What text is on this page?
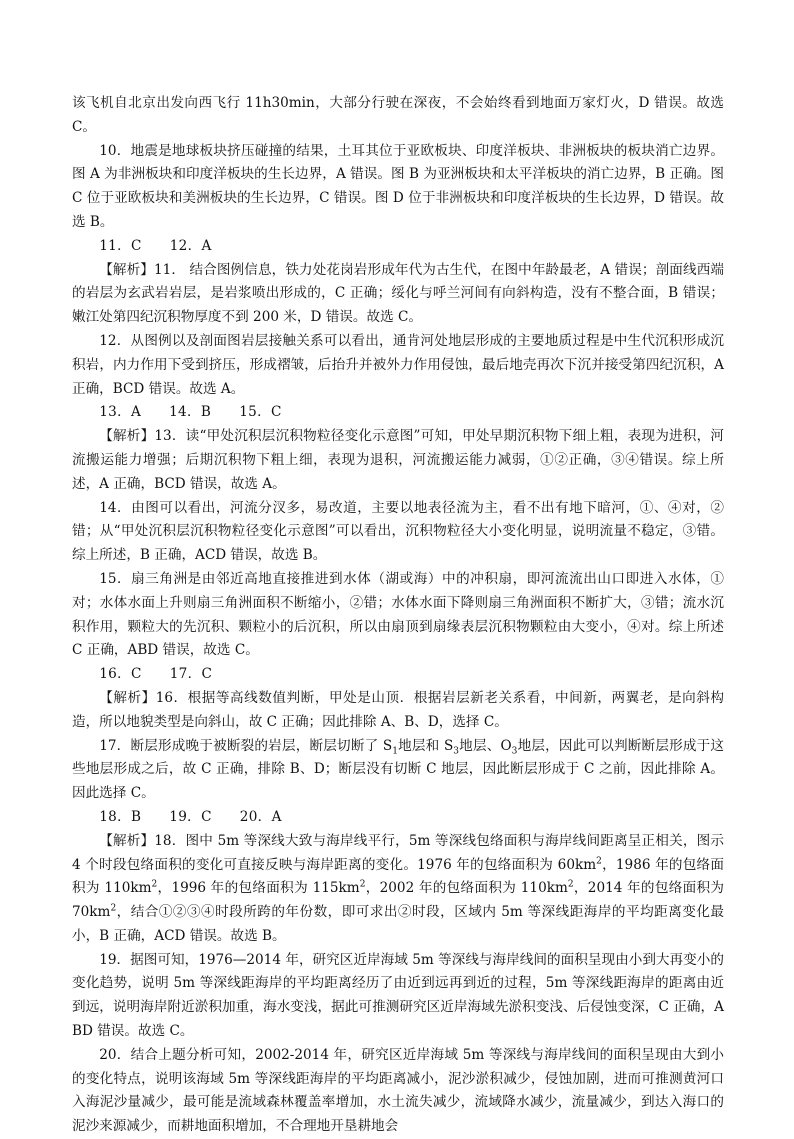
该飞机自北京出发向西飞行 11h30min，大部分行驶在深夜，不会始终看到地面万家灯火，D 错误。故选 C。

10．地震是地球板块挤压碰撞的结果，土耳其位于亚欧板块、印度洋板块、非洲板块的板块消亡边界。图 A 为非洲板块和印度洋板块的生长边界，A 错误。图 B 为亚洲板块和太平洋板块的消亡边界，B 正确。图 C 位于亚欧板块和美洲板块的生长边界，C 错误。图 D 位于非洲板块和印度洋板块的生长边界，D 错误。故选 B。

11．C 12．A

【解析】11． 结合图例信息，铁力处花岗岩形成年代为古生代，在图中年龄最老，A 错误；剖面线西端的岩层为玄武岩岩层，是岩浆喷出形成的，C 正确；绥化与呼兰河间有向斜构造，没有不整合面，B 错误；嫩江处第四纪沉积物厚度不到 200 米，D 错误。故选 C。

12．从图例以及剖面图岩层接触关系可以看出，通肯河处地层形成的主要地质过程是中生代沉积形成沉积岩，内力作用下受到挤压，形成褶皱，后抬升并被外力作用侵蚀，最后地壳再次下沉并接受第四纪沉积，A 正确，BCD 错误。故选 A。

13．A 14．B 15．C

【解析】13．读“甲处沉积层沉积物粒径变化示意图”可知，甲处早期沉积物下细上粗，表现为进积，河流搬运能力增强；后期沉积物下粗上细，表现为退积，河流搬运能力减弱，①②正确，③④错误。综上所述，A 正确，BCD 错误，故选 A。

14．由图可以看出，河流分汊多，易改道，主要以地表径流为主，看不出有地下暗河，①、④对，②错；从“甲处沉积层沉积物粒径变化示意图”可以看出，沉积物粒径大小变化明显，说明流量不稳定，③错。综上所述，B 正确，ACD 错误，故选 B。

15．扇三角洲是由邻近高地直接推进到水体（湖或海）中的冲积扇，即河流流出山口即进入水体，①对；水体水面上升则扇三角洲面积不断缩小，②错；水体水面下降则扇三角洲面积不断扩大，③错；流水沉积作用，颗粒大的先沉积、颗粒小的后沉积，所以由扇顶到扇缘表层沉积物颗粒由大变小，④对。综上所述 C 正确，ABD 错误，故选 C。

16．C 17．C

【解析】16．根据等高线数值判断，甲处是山顶．根据岩层新老关系看，中间新，两翼老，是向斜构造，所以地貌类型是向斜山，故 C 正确；因此排除 A、B、D，选择 C。

17．断层形成晚于被断裂的岩层，断层切断了 $S_1$地层和 $S_3$地层、$O_3$地层，因此可以判断断层形成于这些地层形成之后，故 C 正确，排除 B、D；断层没有切断 C 地层，因此断层形成于 C 之前，因此排除 A。因此选择 C。

18．B 19．C 20．A

【解析】18．图中 5m 等深线大致与海岸线平行，5m 等深线包络面积与海岸线间距离呈正相关，图示 4 个时段包络面积的变化可直接反映与海岸距离的变化。1976 年的包络面积为 $60km^2$，1986 年的包络面积为 $110km^2$，1996 年的包络面积为 $115km^2$，2002 年的包络面积为 $110km^2$，2014 年的包络面积为 $70km^2$，结合①②③④时段所跨的年份数，即可求出②时段，区域内 5m 等深线距海岸的平均距离变化最小，B 正确，ACD 错误。故选 B。

19．据图可知，1976—2014 年，研究区近岸海域 5m 等深线与海岸线间的面积呈现由小到大再变小的变化趋势，说明 5m 等深线距海岸的平均距离经历了由近到远再到近的过程，5m 等深线距海岸的距离由近到远，说明海岸附近淤积加重，海水变浅，据此可推测研究区近岸海域先淤积变浅、后侵蚀变深，C 正确，ABD 错误。故选 C。

20．结合上题分析可知，2002-2014 年，研究区近岸海域 5m 等深线与海岸线间的面积呈现由大到小的变化特点，说明该海域 5m 等深线距海岸的平均距离减小，泥沙淤积减少，侵蚀加剧，进而可推测黄河口入海泥沙量减少，最可能是流域森林覆盖率增加，水土流失减少，流域降水减少，流量减少，到达入海口的泥沙来源减少，而耕地面积增加，不合理地开垦耕地会
